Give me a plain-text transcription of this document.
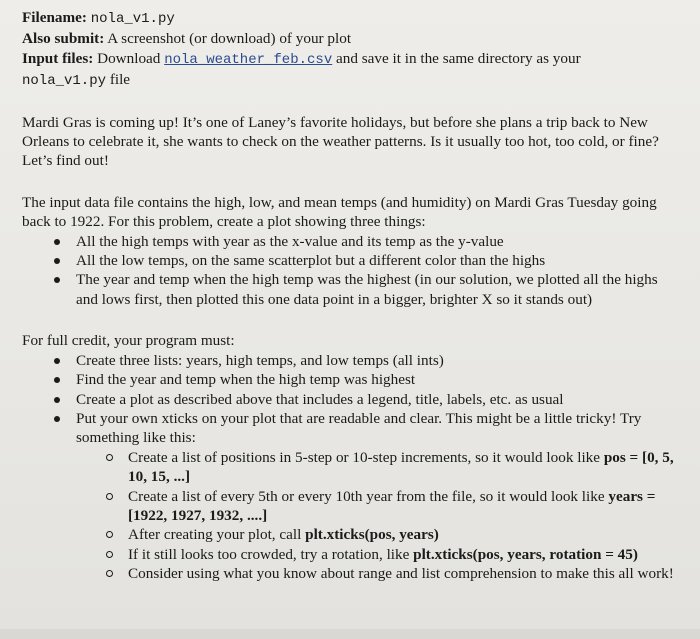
Filename: nola_v1.py
Also submit: A screenshot (or download) of your plot
Input files: Download nola_weather_feb.csv and save it in the same directory as your
nola_v1.py file
Mardi Gras is coming up! It’s one of Laney’s favorite holidays, but before she plans a trip back to New
Orleans to celebrate it, she wants to check on the weather patterns. Is it usually too hot, too cold, or fine?
Let’s find out!
The input data file contains the high, low, and mean temps (and humidity) on Mardi Gras Tuesday going
back to 1922. For this problem, create a plot showing three things:
All the high temps with year as the x-value and its temp as the y-value
All the low temps, on the same scatterplot but a different color than the highs
The year and temp when the high temp was the highest (in our solution, we plotted all the highs
and lows first, then plotted this one data point in a bigger, brighter X so it stands out)
For full credit, your program must:
Create three lists: years, high temps, and low temps (all ints)
Find the year and temp when the high temp was highest
Create a plot as described above that includes a legend, title, labels, etc. as usual
Put your own xticks on your plot that are readable and clear. This might be a little tricky! Try
something like this:
Create a list of positions in 5-step or 10-step increments, so it would look like pos = [0, 5,
10, 15, ...]
Create a list of every 5th or every 10th year from the file, so it would look like years =
[1922, 1927, 1932, ....]
After creating your plot, call plt.xticks(pos, years)
If it still looks too crowded, try a rotation, like plt.xticks(pos, years, rotation = 45)
Consider using what you know about range and list comprehension to make this all work!
